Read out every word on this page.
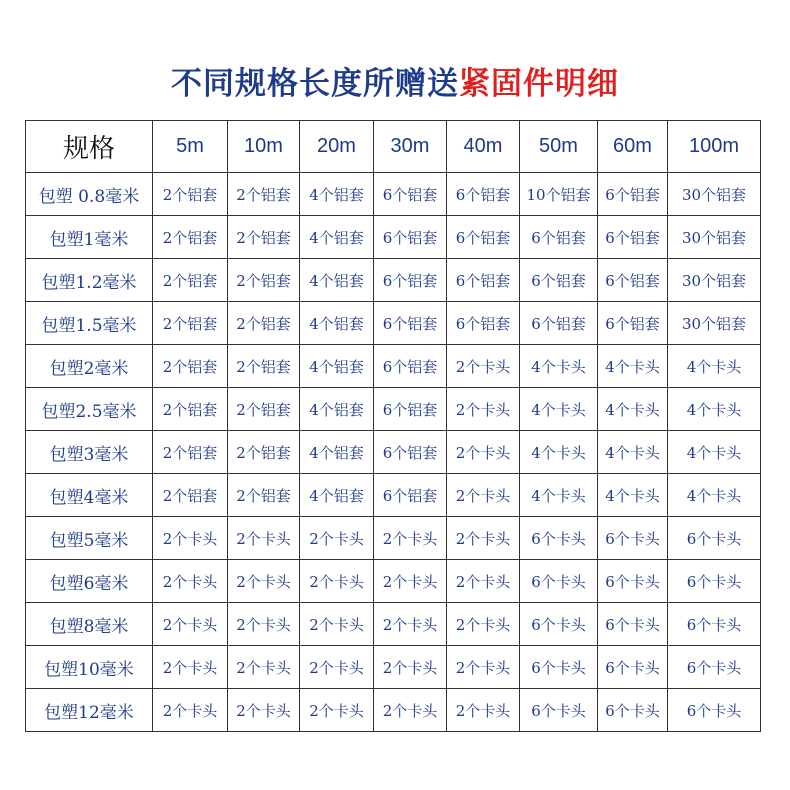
不同规格长度所赠送紧固件明细
规格	5m	10m	20m	30m	40m	50m	60m	100m
包塑 0.8毫米	2个铝套	2个铝套	4个铝套	6个铝套	6个铝套	10个铝套	6个铝套	30个铝套
包塑1毫米	2个铝套	2个铝套	4个铝套	6个铝套	6个铝套	6个铝套	6个铝套	30个铝套
包塑1.2毫米	2个铝套	2个铝套	4个铝套	6个铝套	6个铝套	6个铝套	6个铝套	30个铝套
包塑1.5毫米	2个铝套	2个铝套	4个铝套	6个铝套	6个铝套	6个铝套	6个铝套	30个铝套
包塑2毫米	2个铝套	2个铝套	4个铝套	6个铝套	2个卡头	4个卡头	4个卡头	4个卡头
包塑2.5毫米	2个铝套	2个铝套	4个铝套	6个铝套	2个卡头	4个卡头	4个卡头	4个卡头
包塑3毫米	2个铝套	2个铝套	4个铝套	6个铝套	2个卡头	4个卡头	4个卡头	4个卡头
包塑4毫米	2个铝套	2个铝套	4个铝套	6个铝套	2个卡头	4个卡头	4个卡头	4个卡头
包塑5毫米	2个卡头	2个卡头	2个卡头	2个卡头	2个卡头	6个卡头	6个卡头	6个卡头
包塑6毫米	2个卡头	2个卡头	2个卡头	2个卡头	2个卡头	6个卡头	6个卡头	6个卡头
包塑8毫米	2个卡头	2个卡头	2个卡头	2个卡头	2个卡头	6个卡头	6个卡头	6个卡头
包塑10毫米	2个卡头	2个卡头	2个卡头	2个卡头	2个卡头	6个卡头	6个卡头	6个卡头
包塑12毫米	2个卡头	2个卡头	2个卡头	2个卡头	2个卡头	6个卡头	6个卡头	6个卡头
